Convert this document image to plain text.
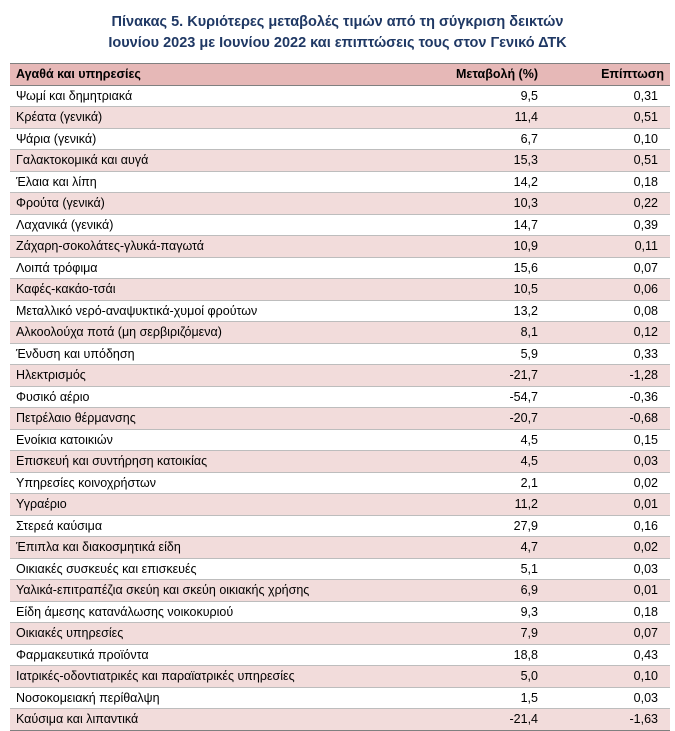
Πίνακας 5. Κυριότερες μεταβολές τιμών από τη σύγκριση δεικτών
Ιουνίου 2023 με Ιουνίου 2022 και επιπτώσεις τους στον Γενικό ΔΤΚ
Αγαθά και υπηρεσίες	Μεταβολή (%)	Επίπτωση
Ψωμί και δημητριακά	9,5	0,31
Κρέατα (γενικά)	11,4	0,51
Ψάρια (γενικά)	6,7	0,10
Γαλακτοκομικά και αυγά	15,3	0,51
Έλαια και λίπη	14,2	0,18
Φρούτα (γενικά)	10,3	0,22
Λαχανικά (γενικά)	14,7	0,39
Ζάχαρη-σοκολάτες-γλυκά-παγωτά	10,9	0,11
Λοιπά τρόφιμα	15,6	0,07
Καφές-κακάο-τσάι	10,5	0,06
Μεταλλικό νερό-αναψυκτικά-χυμοί φρούτων	13,2	0,08
Αλκοολούχα ποτά (μη σερβιριζόμενα)	8,1	0,12
Ένδυση και υπόδηση	5,9	0,33
Ηλεκτρισμός	-21,7	-1,28
Φυσικό αέριο	-54,7	-0,36
Πετρέλαιο θέρμανσης	-20,7	-0,68
Ενοίκια κατοικιών	4,5	0,15
Επισκευή και συντήρηση κατοικίας	4,5	0,03
Υπηρεσίες κοινοχρήστων	2,1	0,02
Υγραέριο	11,2	0,01
Στερεά καύσιμα	27,9	0,16
Έπιπλα και διακοσμητικά είδη	4,7	0,02
Οικιακές συσκευές και επισκευές	5,1	0,03
Υαλικά-επιτραπέζια σκεύη και σκεύη οικιακής χρήσης	6,9	0,01
Είδη άμεσης κατανάλωσης νοικοκυριού	9,3	0,18
Οικιακές υπηρεσίες	7,9	0,07
Φαρμακευτικά προϊόντα	18,8	0,43
Ιατρικές-οδοντιατρικές και παραϊατρικές υπηρεσίες	5,0	0,10
Νοσοκομειακή περίθαλψη	1,5	0,03
Καύσιμα και λιπαντικά	-21,4	-1,63
